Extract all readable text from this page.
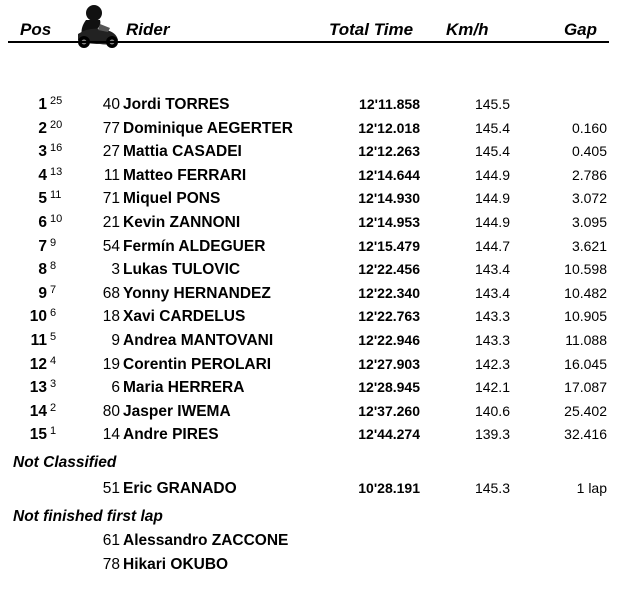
Pos	Rider	Total Time Km/h	Gap
1 25	40 Jordi TORRES	12'11.858	145.5
2 20	77 Dominique AEGERTER	12'12.018	145.4	0.160
3 16	27 Mattia CASADEI	12'12.263	145.4	0.405
4 13	11 Matteo FERRARI	12'14.644	144.9	2.786
5 11	71 Miquel PONS	12'14.930	144.9	3.072
6 10	21 Kevin ZANNONI	12'14.953	144.9	3.095
7 9	54 Fermín ALDEGUER	12'15.479	144.7	3.621
8 8	3 Lukas TULOVIC	12'22.456	143.4	10.598
9 7	68 Yonny HERNANDEZ	12'22.340	143.4	10.482
10 6	18 Xavi CARDELUS	12'22.763	143.3	10.905
11 5	9 Andrea MANTOVANI	12'22.946	143.3	11.088
12 4	19 Corentin PEROLARI	12'27.903	142.3	16.045
13 3	6 Maria HERRERA	12'28.945	142.1	17.087
14 2	80 Jasper IWEMA	12'37.260	140.6	25.402
15 1	14 Andre PIRES	12'44.274	139.3	32.416
Not Classified
51 Eric GRANADO	10'28.191	145.3	1 lap
Not finished first lap
61 Alessandro ZACCONE
78 Hikari OKUBO
